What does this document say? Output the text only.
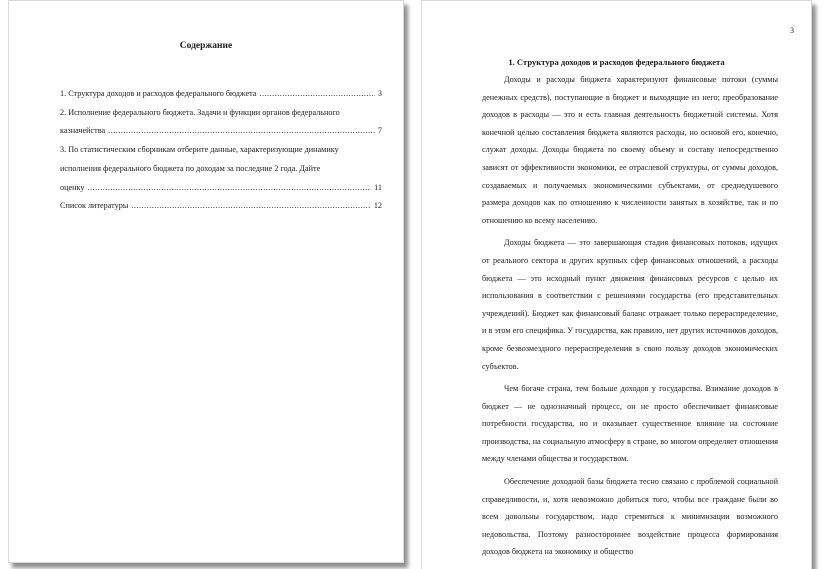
Содержание
1. Структура доходов и расходов федерального бюджета .....	3
2. Исполнение федерального бюджета. Задачи и функции органов федерального
казначейства .....	7
3. По статистическим сборникам отберите данные, характеризующие динамику
исполнения федерального бюджета по доходам за последние 2 года. Дайте
оценку .....	11
Список литературы .....	12
3
1. Структура доходов и расходов федерального бюджета

Доходы и расходы бюджета характеризуют финансовые потоки (суммы денежных средств), поступающие в бюджет и выходящие из него; преобразование доходов в расходы — это и есть главная деятельность бюджетной системы. Хотя конечной целью составления бюджета являются расходы, но основой его, конечно, служат доходы. Доходы бюджета по своему объему и составу непосредственно зависят от эффективности экономики, ее отраслевой структуры, от суммы доходов, создаваемых и получаемых экономическими субъектами, от среднедушевого размера доходов как по отношению к численности занятых в хозяйстве, так и по отношению ко всему населению.

Доходы бюджета — это завершающая стадия финансовых потоков, идущих от реального сектора и других крупных сфер финансовых отношений, а расходы бюджета — это исходный пункт движения финансовых ресурсов с целью их использования в соответствии с решениями государства (его представительных учреждений). Бюджет как финансовый баланс отражает только перераспределение, и в этом его специфика. У государства, как правило, нет других источников доходов, кроме безвозмездного перераспределения в свою пользу доходов экономических субъектов.

Чем богаче страна, тем больше доходов у государства. Взимание доходов в бюджет — не однозначный процесс, он не просто обеспечивает финансовые потребности государства, но и оказывает существенное влияние на состояние производства, на социальную атмосферу в стране, во многом определяет отношения между членами общества и государством.

Обеспечение доходной базы бюджета тесно связано с проблемой социальной справедливости, и, хотя невозможно добиться того, чтобы все граждане были во всем довольны государством, надо стремиться к минимизации возможного недовольства. Поэтому разностороннее воздействие процесса формирования доходов бюджета на экономику и общество
